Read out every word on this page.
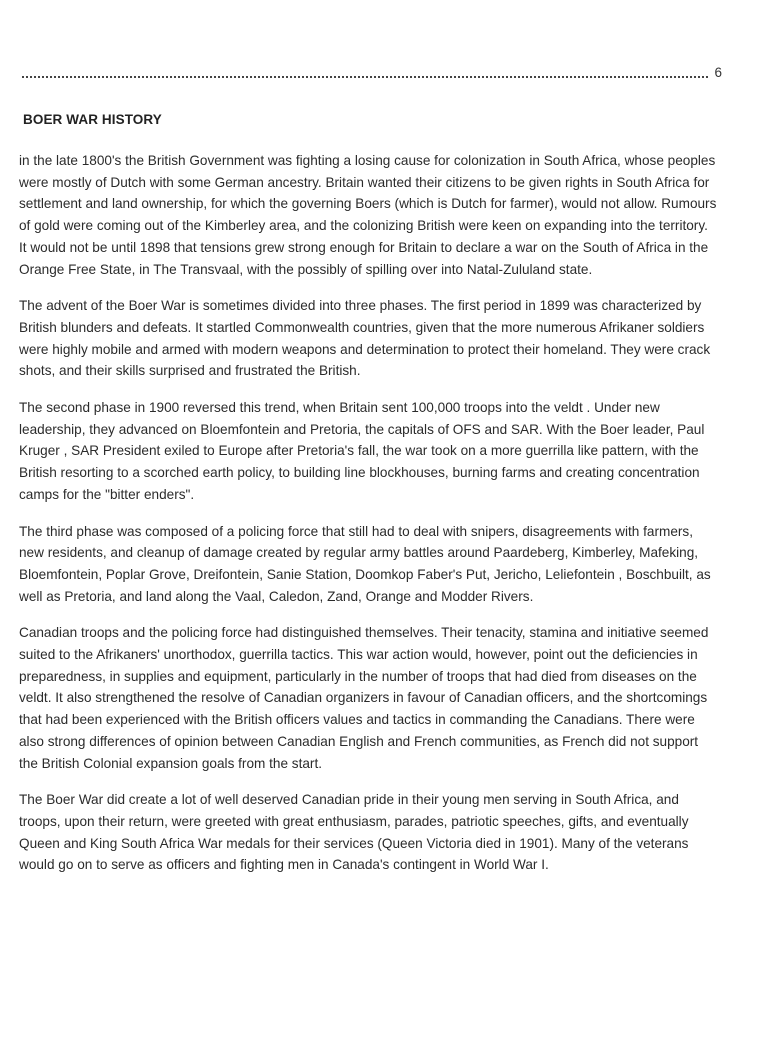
6
BOER WAR HISTORY

in the late 1800's the British Government was fighting a losing cause for colonization in South Africa, whose peoples were mostly of Dutch with some German ancestry. Britain wanted their citizens to be given rights in South Africa for settlement and land ownership, for which the governing Boers (which is Dutch for farmer), would not allow. Rumours of gold were coming out of the Kimberley area, and the colonizing British were keen on expanding into the territory. It would not be until 1898 that tensions grew strong enough for Britain to declare a war on the South of Africa in the Orange Free State, in The Transvaal, with the possibly of spilling over into Natal-Zululand state.

The advent of the Boer War is sometimes divided into three phases. The first period in 1899 was characterized by British blunders and defeats. It startled Commonwealth countries, given that the more numerous Afrikaner soldiers were highly mobile and armed with modern weapons and determination to protect their homeland. They were crack shots, and their skills surprised and frustrated the British.

The second phase in 1900 reversed this trend, when Britain sent 100,000 troops into the veldt . Under new leadership, they advanced on Bloemfontein and Pretoria, the capitals of OFS and SAR. With the Boer leader, Paul Kruger , SAR President exiled to Europe after Pretoria's fall, the war took on a more guerrilla like pattern, with the British resorting to a scorched earth policy, to building line blockhouses, burning farms and creating concentration camps for the "bitter enders".

The third phase was composed of a policing force that still had to deal with snipers, disagreements with farmers, new residents, and cleanup of damage created by regular army battles around Paardeberg, Kimberley, Mafeking, Bloemfontein, Poplar Grove, Dreifontein, Sanie Station, Doomkop Faber's Put, Jericho, Leliefontein , Boschbuilt, as well as Pretoria, and land along the Vaal, Caledon, Zand, Orange and Modder Rivers.

Canadian troops and the policing force had distinguished themselves. Their tenacity, stamina and initiative seemed suited to the Afrikaners' unorthodox, guerrilla tactics. This war action would, however, point out the deficiencies in preparedness, in supplies and equipment, particularly in the number of troops that had died from diseases on the veldt. It also strengthened the resolve of Canadian organizers in favour of Canadian officers, and the shortcomings that had been experienced with the British officers values and tactics in commanding the Canadians. There were also strong differences of opinion between Canadian English and French communities, as French did not support the British Colonial expansion goals from the start.

The Boer War did create a lot of well deserved Canadian pride in their young men serving in South Africa, and troops, upon their return, were greeted with great enthusiasm, parades, patriotic speeches, gifts, and eventually Queen and King South Africa War medals for their services (Queen Victoria died in 1901). Many of the veterans would go on to serve as officers and fighting men in Canada's contingent in World War I.
